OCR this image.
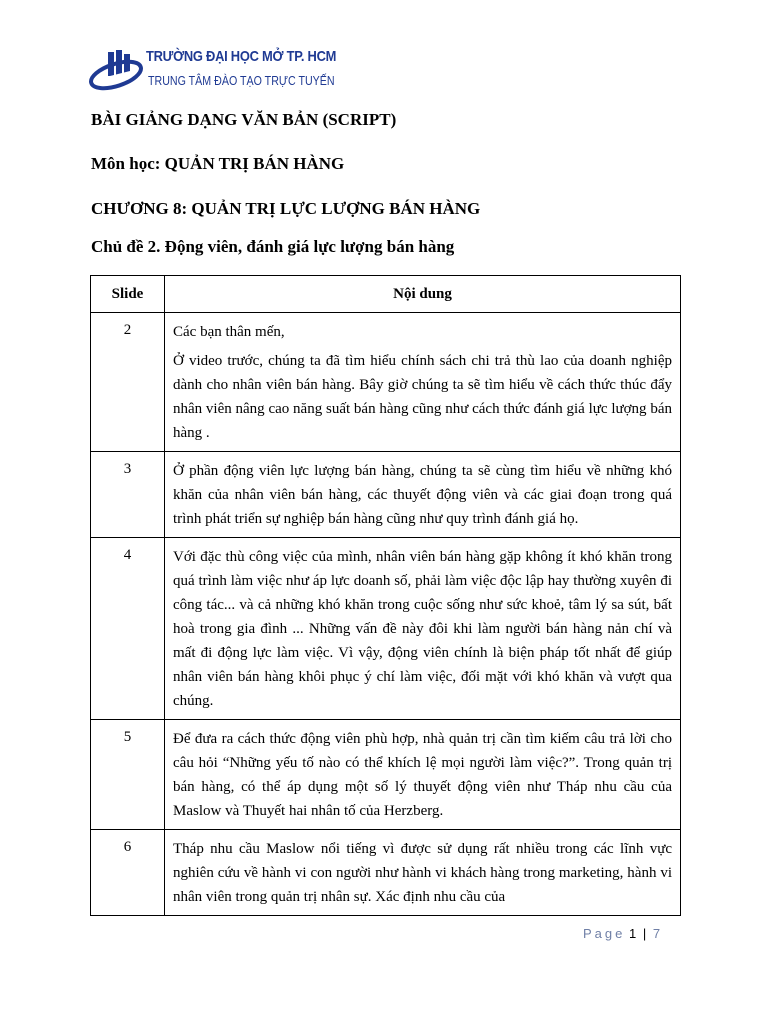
TRƯỜNG ĐẠI HỌC MỞ TP. HCM
TRUNG TÂM ĐÀO TẠO TRỰC TUYẾN
BÀI GIẢNG DẠNG VĂN BẢN (SCRIPT)
Môn học: QUẢN TRỊ BÁN HÀNG
CHƯƠNG 8: QUẢN TRỊ LỰC LƯỢNG BÁN HÀNG
Chủ đề 2. Động viên, đánh giá lực lượng bán hàng
Slide	Nội dung
2	Các bạn thân mến,

Ở video trước, chúng ta đã tìm hiểu chính sách chi trả thù lao của doanh nghiệp dành cho nhân viên bán hàng. Bây giờ chúng ta sẽ tìm hiểu về cách thức thúc đẩy nhân viên nâng cao năng suất bán hàng cũng như cách thức đánh giá lực lượng bán hàng .

3	Ở phần động viên lực lượng bán hàng, chúng ta sẽ cùng tìm hiểu về những khó khăn của nhân viên bán hàng, các thuyết động viên và các giai đoạn trong quá trình phát triển sự nghiệp bán hàng cũng như quy trình đánh giá họ.

4	Với đặc thù công việc của mình, nhân viên bán hàng gặp không ít khó khăn trong quá trình làm việc như áp lực doanh số, phải làm việc độc lập hay thường xuyên đi công tác... và cả những khó khăn trong cuộc sống như sức khoẻ, tâm lý sa sút, bất hoà trong gia đình ... Những vấn đề này đôi khi làm người bán hàng nản chí và mất đi động lực làm việc. Vì vậy, động viên chính là biện pháp tốt nhất để giúp nhân viên bán hàng khôi phục ý chí làm việc, đối mặt với khó khăn và vượt qua chúng.

5	Để đưa ra cách thức động viên phù hợp, nhà quản trị cần tìm kiếm câu trả lời cho câu hỏi “Những yếu tố nào có thể khích lệ mọi người làm việc?”. Trong quản trị bán hàng, có thể áp dụng một số lý thuyết động viên như Tháp nhu cầu của Maslow và Thuyết hai nhân tố của Herzberg.

6	Tháp nhu cầu Maslow nổi tiếng vì được sử dụng rất nhiều trong các lĩnh vực nghiên cứu về hành vi con người như hành vi khách hàng trong marketing, hành vi nhân viên trong quản trị nhân sự. Xác định nhu cầu của

Page 1 | 7
